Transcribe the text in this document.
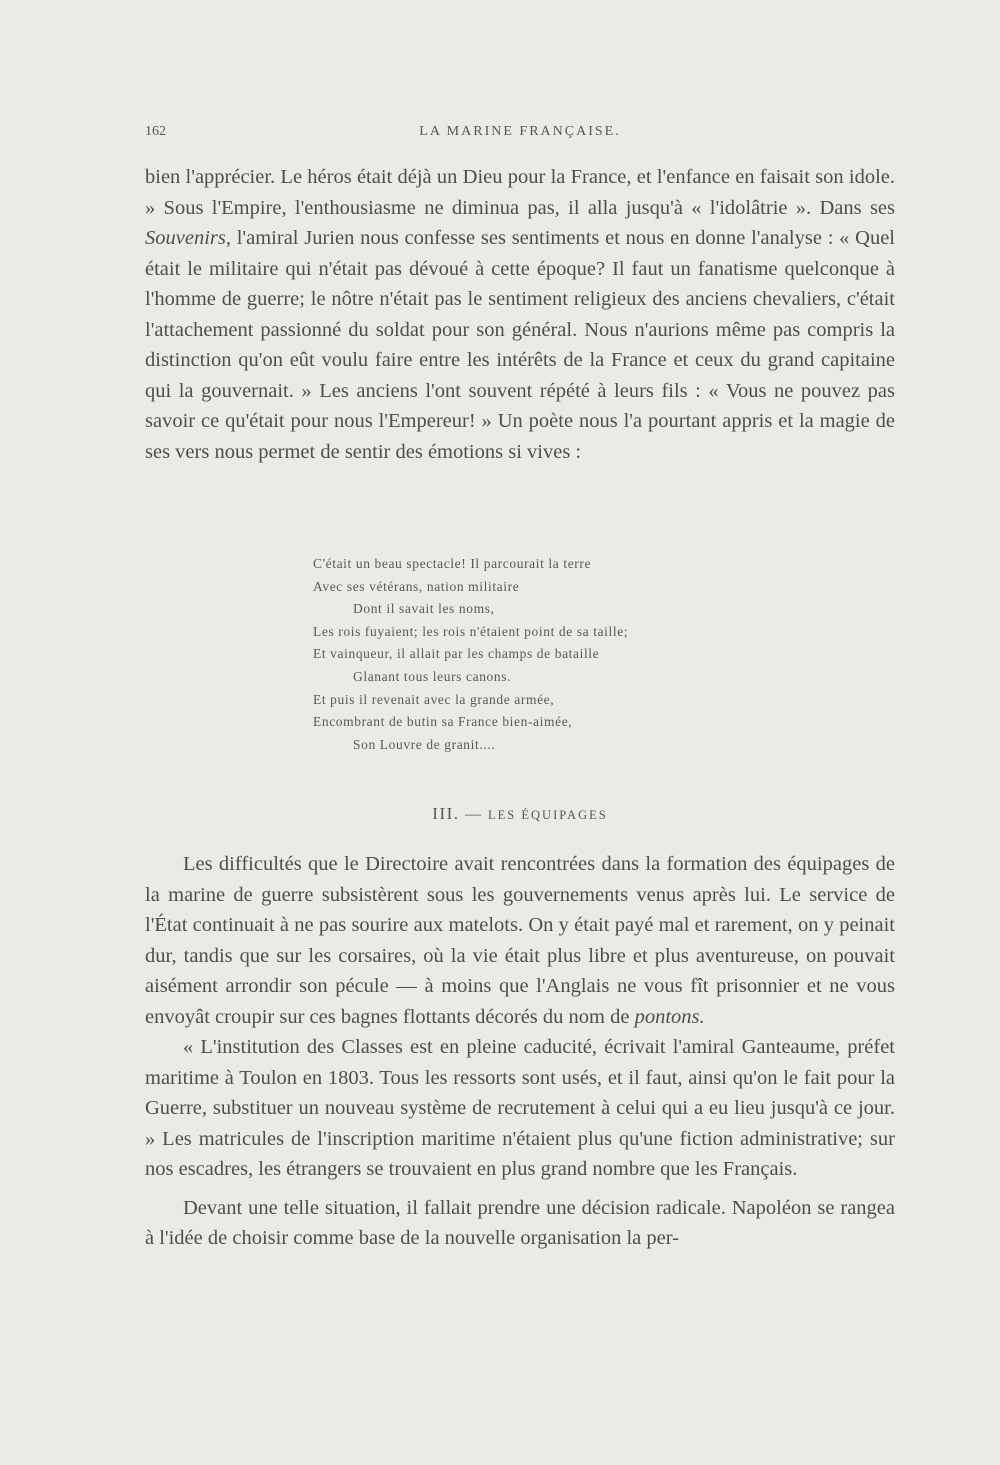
162	LA MARINE FRANÇAISE.

bien l'apprécier. Le héros était déjà un Dieu pour la France, et l'enfance en faisait son idole. » Sous l'Empire, l'enthousiasme ne diminua pas, il alla jusqu'à « l'idolâtrie ». Dans ses Souvenirs, l'amiral Jurien nous confesse ses sentiments et nous en donne l'analyse : « Quel était le militaire qui n'était pas dévoué à cette époque? Il faut un fanatisme quelconque à l'homme de guerre; le nôtre n'était pas le sentiment religieux des anciens chevaliers, c'était l'attachement passionné du soldat pour son général. Nous n'aurions même pas compris la distinction qu'on eût voulu faire entre les intérêts de la France et ceux du grand capitaine qui la gouvernait. » Les anciens l'ont souvent répété à leurs fils : « Vous ne pouvez pas savoir ce qu'était pour nous l'Empereur! » Un poète nous l'a pourtant appris et la magie de ses vers nous permet de sentir des émotions si vives :

C'était un beau spectacle! Il parcourait la terre
Avec ses vétérans, nation militaire
Dont il savait les noms,
Les rois fuyaient; les rois n'étaient point de sa taille;
Et vainqueur, il allait par les champs de bataille
Glanant tous leurs canons.
Et puis il revenait avec la grande armée,
Encombrant de butin sa France bien-aimée,
Son Louvre de granit....
III. — LES ÉQUIPAGES

Les difficultés que le Directoire avait rencontrées dans la formation des équipages de la marine de guerre subsistèrent sous les gouvernements venus après lui. Le service de l'État continuait à ne pas sourire aux matelots. On y était payé mal et rarement, on y peinait dur, tandis que sur les corsaires, où la vie était plus libre et plus aventureuse, on pouvait aisément arrondir son pécule — à moins que l'Anglais ne vous fît prisonnier et ne vous envoyât croupir sur ces bagnes flottants décorés du nom de pontons.

« L'institution des Classes est en pleine caducité, écrivait l'amiral Ganteaume, préfet maritime à Toulon en 1803. Tous les ressorts sont usés, et il faut, ainsi qu'on le fait pour la Guerre, substituer un nouveau système de recrutement à celui qui a eu lieu jusqu'à ce jour. » Les matricules de l'inscription maritime n'étaient plus qu'une fiction administrative; sur nos escadres, les étrangers se trouvaient en plus grand nombre que les Français.

Devant une telle situation, il fallait prendre une décision radicale. Napoléon se rangea à l'idée de choisir comme base de la nouvelle organisation la per-
